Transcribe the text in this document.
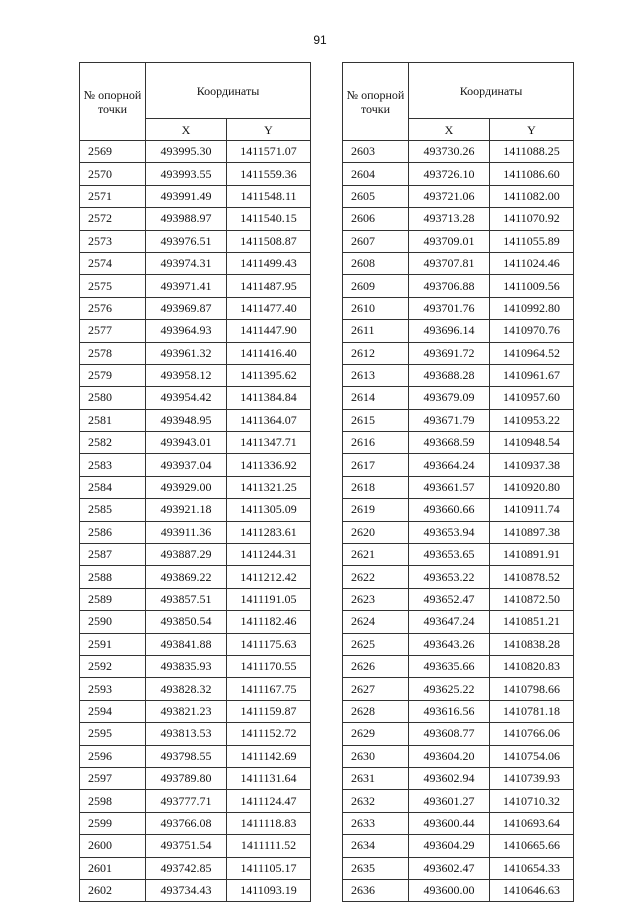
91
№ опорной точки	Координаты	
	X	Y
2569	493995.30	1411571.07
2570	493993.55	1411559.36
2571	493991.49	1411548.11
2572	493988.97	1411540.15
2573	493976.51	1411508.87
2574	493974.31	1411499.43
2575	493971.41	1411487.95
2576	493969.87	1411477.40
2577	493964.93	1411447.90
2578	493961.32	1411416.40
2579	493958.12	1411395.62
2580	493954.42	1411384.84
2581	493948.95	1411364.07
2582	493943.01	1411347.71
2583	493937.04	1411336.92
2584	493929.00	1411321.25
2585	493921.18	1411305.09
2586	493911.36	1411283.61
2587	493887.29	1411244.31
2588	493869.22	1411212.42
2589	493857.51	1411191.05
2590	493850.54	1411182.46
2591	493841.88	1411175.63
2592	493835.93	1411170.55
2593	493828.32	1411167.75
2594	493821.23	1411159.87
2595	493813.53	1411152.72
2596	493798.55	1411142.69
2597	493789.80	1411131.64
2598	493777.71	1411124.47
2599	493766.08	1411118.83
2600	493751.54	1411111.52
2601	493742.85	1411105.17
2602	493734.43	1411093.19
№ опорной точки	Координаты	
	X	Y
2603	493730.26	1411088.25
2604	493726.10	1411086.60
2605	493721.06	1411082.00
2606	493713.28	1411070.92
2607	493709.01	1411055.89
2608	493707.81	1411024.46
2609	493706.88	1411009.56
2610	493701.76	1410992.80
2611	493696.14	1410970.76
2612	493691.72	1410964.52
2613	493688.28	1410961.67
2614	493679.09	1410957.60
2615	493671.79	1410953.22
2616	493668.59	1410948.54
2617	493664.24	1410937.38
2618	493661.57	1410920.80
2619	493660.66	1410911.74
2620	493653.94	1410897.38
2621	493653.65	1410891.91
2622	493653.22	1410878.52
2623	493652.47	1410872.50
2624	493647.24	1410851.21
2625	493643.26	1410838.28
2626	493635.66	1410820.83
2627	493625.22	1410798.66
2628	493616.56	1410781.18
2629	493608.77	1410766.06
2630	493604.20	1410754.06
2631	493602.94	1410739.93
2632	493601.27	1410710.32
2633	493600.44	1410693.64
2634	493604.29	1410665.66
2635	493602.47	1410654.33
2636	493600.00	1410646.63
